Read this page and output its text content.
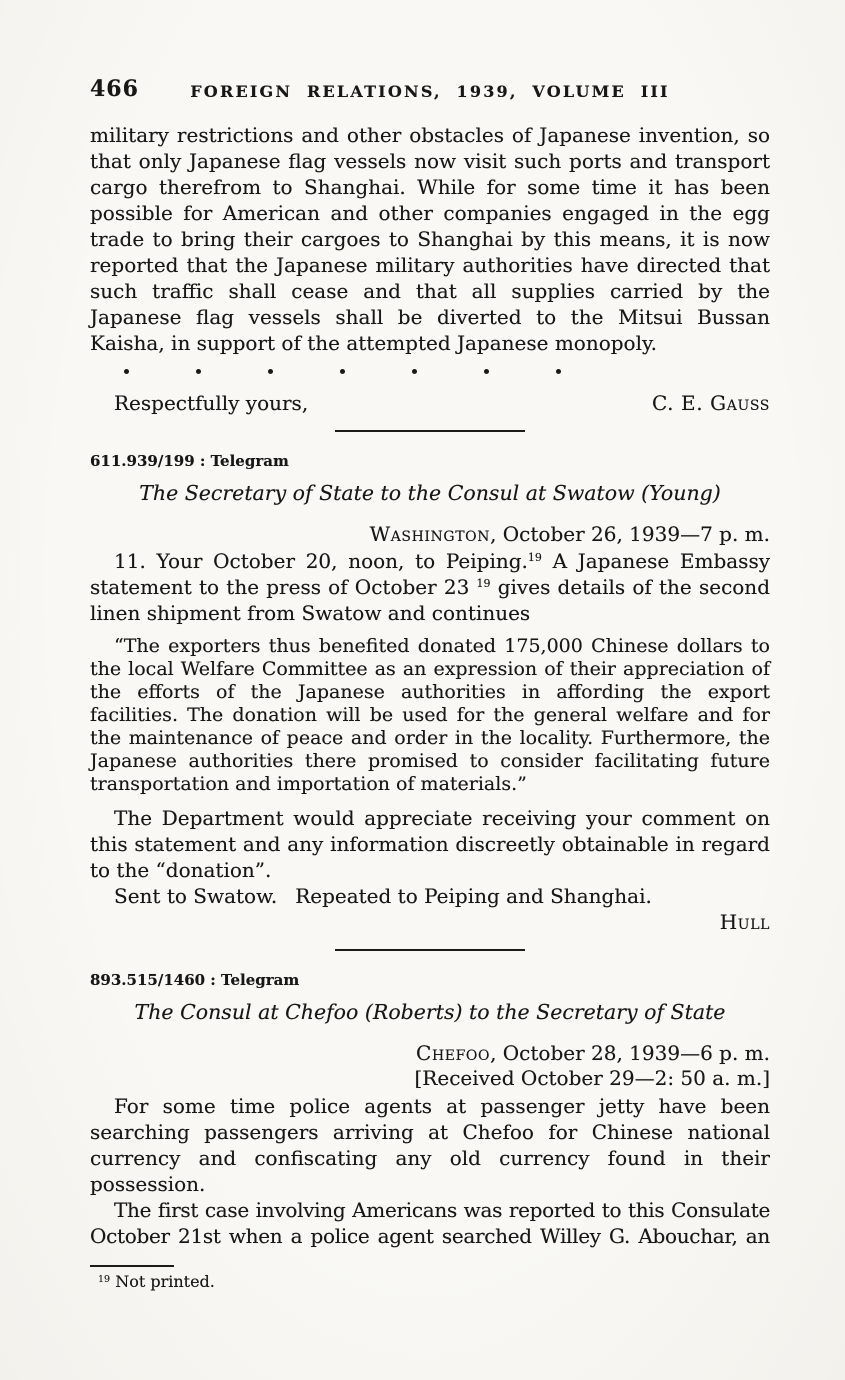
466	FOREIGN RELATIONS, 1939, VOLUME III

military restrictions and other obstacles of Japanese invention, so that only Japanese flag vessels now visit such ports and transport cargo therefrom to Shanghai. While for some time it has been possible for American and other companies engaged in the egg trade to bring their cargoes to Shanghai by this means, it is now reported that the Japanese military authorities have directed that such traffic shall cease and that all supplies carried by the Japanese flag vessels shall be diverted to the Mitsui Bussan Kaisha, in support of the attempted Japanese monopoly.

Respectfully yours,	C. E. Gauss
611.939/199 : Telegram
The Secretary of State to the Consul at Swatow (Young)
Washington, October 26, 1939—7 p. m.

11. Your October 20, noon, to Peiping.$^{19}$ A Japanese Embassy statement to the press of October 23 $^{19}$ gives details of the second linen shipment from Swatow and continues

“The exporters thus benefited donated 175,000 Chinese dollars to the local Welfare Committee as an expression of their appreciation of the efforts of the Japanese authorities in affording the export facilities. The donation will be used for the general welfare and for the maintenance of peace and order in the locality. Furthermore, the Japanese authorities there promised to consider facilitating future transportation and importation of materials.”

The Department would appreciate receiving your comment on this statement and any information discreetly obtainable in regard to the “donation”.

Sent to Swatow. Repeated to Peiping and Shanghai.

Hull
893.515/1460 : Telegram
The Consul at Chefoo (Roberts) to the Secretary of State
Chefoo, October 28, 1939—6 p. m.
[Received October 29—2: 50 a. m.]

For some time police agents at passenger jetty have been searching passengers arriving at Chefoo for Chinese national currency and confiscating any old currency found in their possession.

The first case involving Americans was reported to this Consulate October 21st when a police agent searched Willey G. Abouchar, an

$^{19}$ Not printed.
